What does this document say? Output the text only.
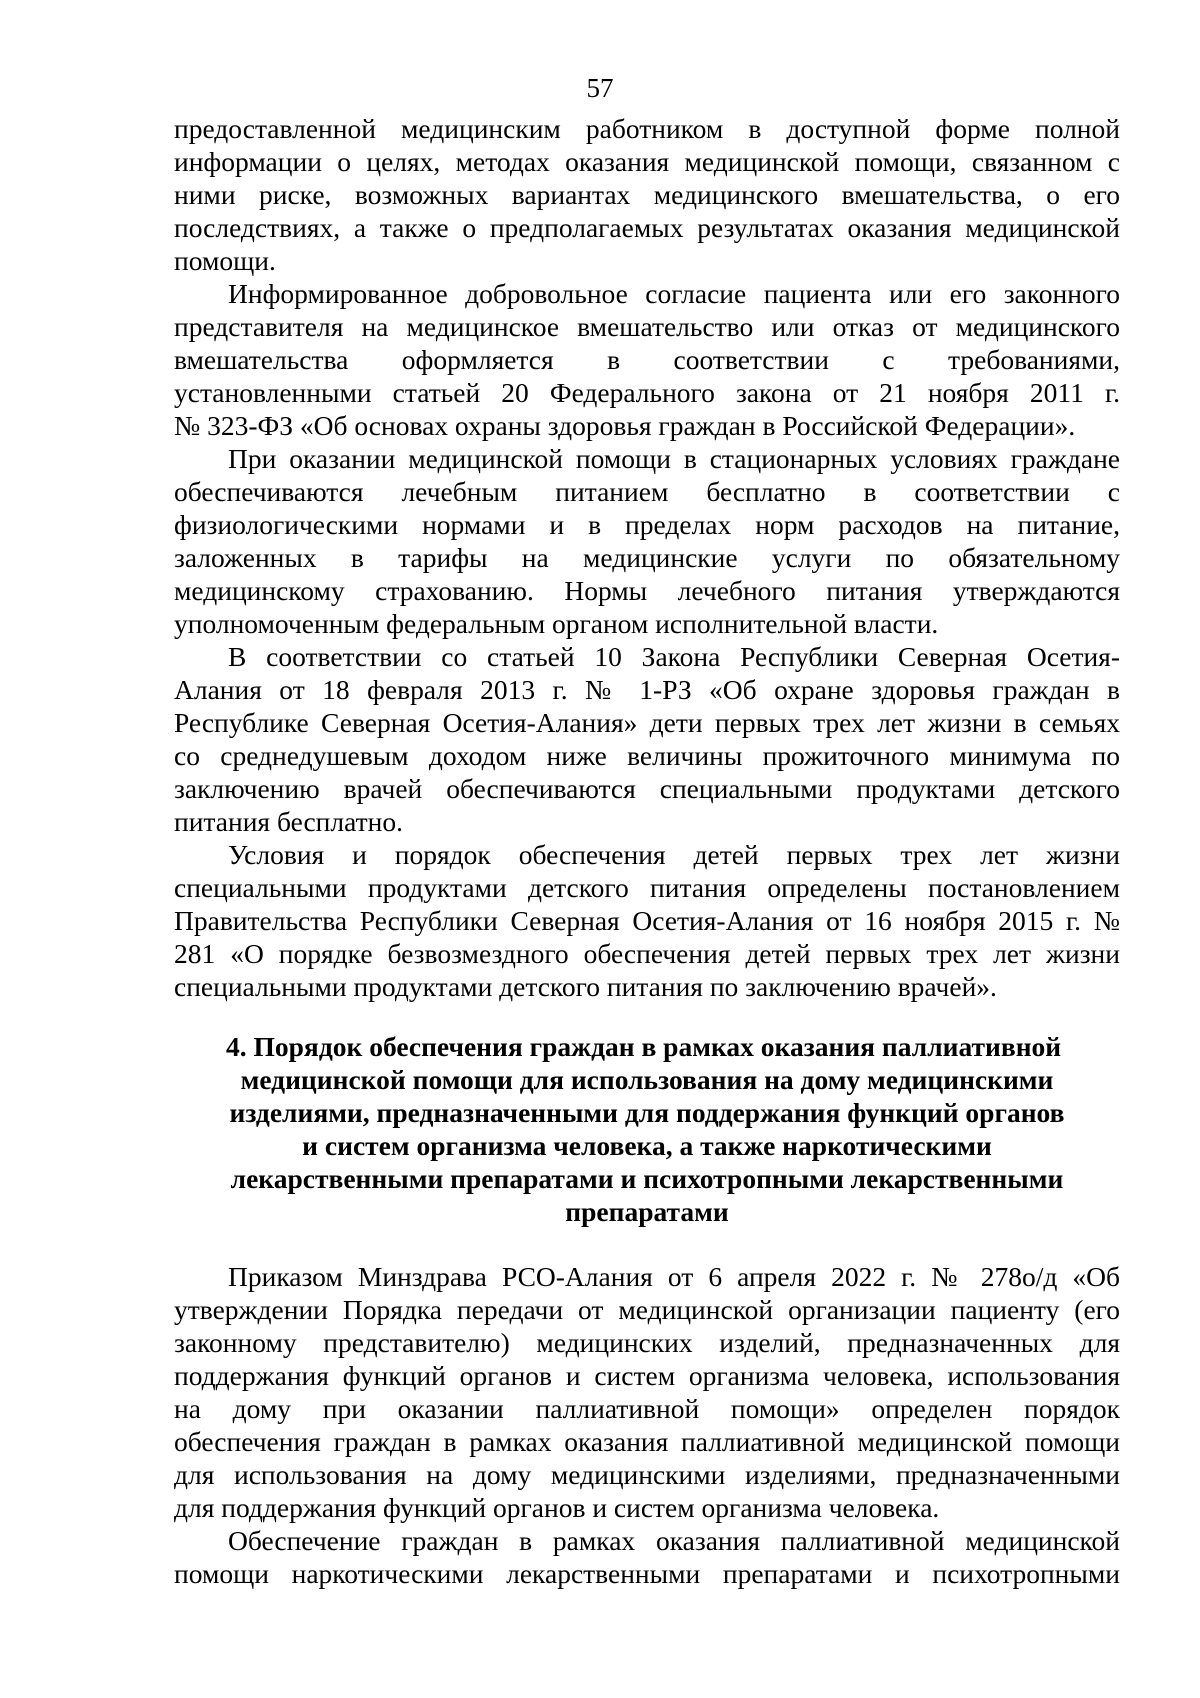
57
предоставленной медицинским работником в доступной форме полной
информации о целях, методах оказания медицинской помощи, связанном с
ними риске, возможных вариантах медицинского вмешательства, о его
последствиях, а также о предполагаемых результатах оказания медицинской
помощи.
Информированное добровольное согласие пациента или его законного
представителя на медицинское вмешательство или отказ от медицинского
вмешательства оформляется в соответствии с требованиями,
установленными статьей 20 Федерального закона от 21 ноября 2011 г.
№ 323-ФЗ «Об основах охраны здоровья граждан в Российской Федерации».
При оказании медицинской помощи в стационарных условиях граждане
обеспечиваются лечебным питанием бесплатно в соответствии с
физиологическими нормами и в пределах норм расходов на питание,
заложенных в тарифы на медицинские услуги по обязательному
медицинскому страхованию. Нормы лечебного питания утверждаются
уполномоченным федеральным органом исполнительной власти.
В соответствии со статьей 10 Закона Республики Северная Осетия-
Алания от 18 февраля 2013 г. № 1-РЗ «Об охране здоровья граждан в
Республике Северная Осетия-Алания» дети первых трех лет жизни в семьях
со среднедушевым доходом ниже величины прожиточного минимума по
заключению врачей обеспечиваются специальными продуктами детского
питания бесплатно.
Условия и порядок обеспечения детей первых трех лет жизни
специальными продуктами детского питания определены постановлением
Правительства Республики Северная Осетия-Алания от 16 ноября 2015 г. №
281 «О порядке безвозмездного обеспечения детей первых трех лет жизни
специальными продуктами детского питания по заключению врачей».
4. Порядок обеспечения граждан в рамках оказания паллиативной
медицинской помощи для использования на дому медицинскими
изделиями, предназначенными для поддержания функций органов
и систем организма человека, а также наркотическими
лекарственными препаратами и психотропными лекарственными
препаратами
Приказом Минздрава РСО-Алания от 6 апреля 2022 г. № 278о/д «Об
утверждении Порядка передачи от медицинской организации пациенту (его
законному представителю) медицинских изделий, предназначенных для
поддержания функций органов и систем организма человека, использования
на дому при оказании паллиативной помощи» определен порядок
обеспечения граждан в рамках оказания паллиативной медицинской помощи
для использования на дому медицинскими изделиями, предназначенными
для поддержания функций органов и систем организма человека.
Обеспечение граждан в рамках оказания паллиативной медицинской
помощи наркотическими лекарственными препаратами и психотропными
